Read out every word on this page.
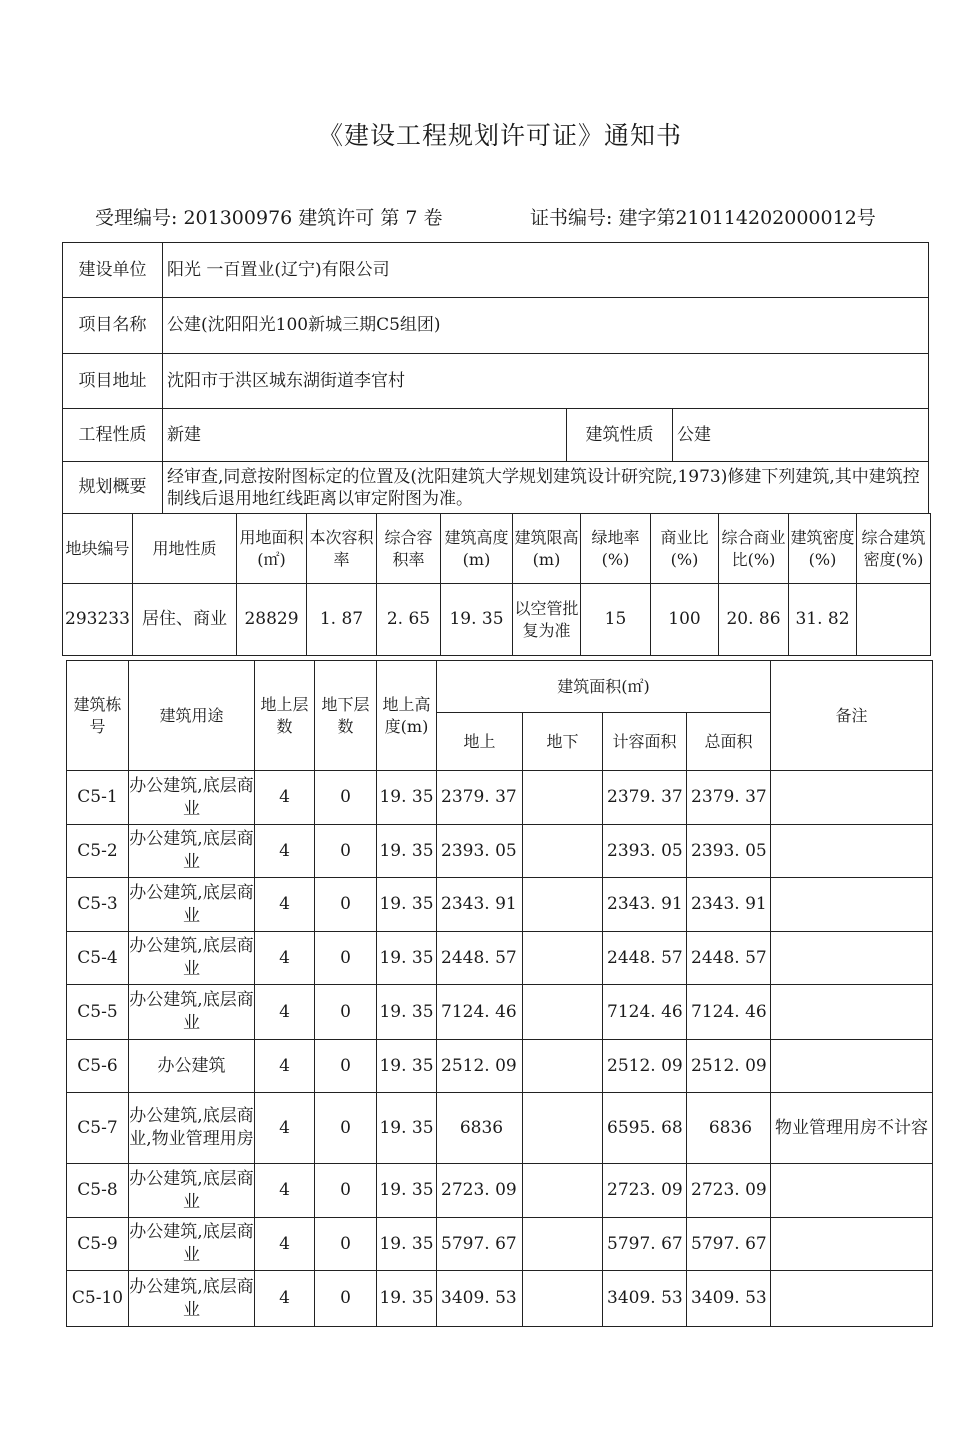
《建设工程规划许可证》通知书
受理编号: 201300976 建筑许可 第 7 卷	证书编号: 建字第210114202000012号
建设单位	阳光 一百置业(辽宁)有限公司		
项目名称	公建(沈阳阳光100新城三期C5组团)		
项目地址	沈阳市于洪区城东湖街道李官村		
工程性质	新建	建筑性质	公建
规划概要	经审查,同意按附图标定的位置及(沈阳建筑大学规划建筑设计研究院,1973)修建下列建筑,其中建筑控制线后退用地红线距离以审定附图为准。		
地块编号	用地性质	用地面积(㎡)	本次容积率	综合容积率	建筑高度(m)	建筑限高(m)	绿地率(%)	商业比(%)	综合商业比(%)	建筑密度(%)	综合建筑密度(%)
293233	居住、商业	28829	1. 87	2. 65	19. 35	以空管批复为准	15	100	20. 86	31. 82	
建筑栋号	建筑用途	地上层数	地下层数	地上高度(m)	建筑面积(㎡)				备注
					地上	地下	计容面积	总面积	
C5-1	办公建筑,底层商业	4	0	19. 35	2379. 37		2379. 37	2379. 37	
C5-2	办公建筑,底层商业	4	0	19. 35	2393. 05		2393. 05	2393. 05	
C5-3	办公建筑,底层商业	4	0	19. 35	2343. 91		2343. 91	2343. 91	
C5-4	办公建筑,底层商业	4	0	19. 35	2448. 57		2448. 57	2448. 57	
C5-5	办公建筑,底层商业	4	0	19. 35	7124. 46		7124. 46	7124. 46	
C5-6	办公建筑	4	0	19. 35	2512. 09		2512. 09	2512. 09	
C5-7	办公建筑,底层商业,物业管理用房	4	0	19. 35	6836		6595. 68	6836	物业管理用房不计容
C5-8	办公建筑,底层商业	4	0	19. 35	2723. 09		2723. 09	2723. 09	
C5-9	办公建筑,底层商业	4	0	19. 35	5797. 67		5797. 67	5797. 67	
C5-10	办公建筑,底层商业	4	0	19. 35	3409. 53		3409. 53	3409. 53	
